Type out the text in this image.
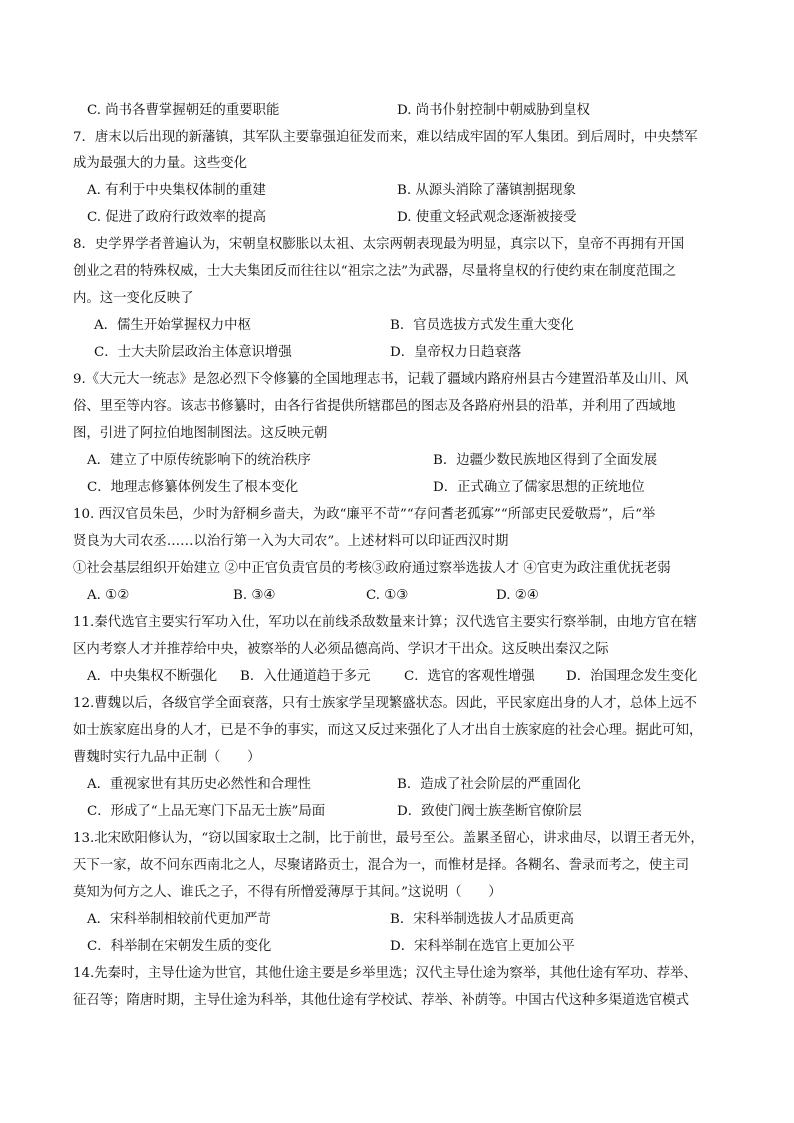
C. 尚书各曹掌握朝廷的重要职能	D. 尚书仆射控制中朝威胁到皇权
7．唐末以后出现的新藩镇，其军队主要靠强迫征发而来，难以结成牢固的军人集团。到后周时，中央禁军
成为最强大的力量。这些变化
A. 有利于中央集权体制的重建	B. 从源头消除了藩镇割据现象
C. 促进了政府行政效率的提高	D. 使重文轻武观念逐渐被接受
8．史学界学者普遍认为，宋朝皇权膨胀以太祖、太宗两朝表现最为明显，真宗以下，皇帝不再拥有开国
创业之君的特殊权威，士大夫集团反而往往以“祖宗之法”为武器，尽量将皇权的行使约束在制度范围之
内。这一变化反映了
A．儒生开始掌握权力中枢	B．官员选拔方式发生重大变化
C．士大夫阶层政治主体意识增强	D．皇帝权力日趋衰落
9.《大元大一统志》是忽必烈下令修纂的全国地理志书，记载了疆域内路府州县古今建置沿革及山川、风
俗、里至等内容。该志书修纂时，由各行省提供所辖郡邑的图志及各路府州县的沿革，并利用了西域地
图，引进了阿拉伯地图制图法。这反映元朝
A．建立了中原传统影响下的统治秩序	B．边疆少数民族地区得到了全面发展
C．地理志修纂体例发生了根本变化	D．正式确立了儒家思想的正统地位
10. 西汉官员朱邑，少时为舒桐乡啬夫，为政“廉平不苛”“存问耆老孤寡”“所部吏民爱敬焉”，后“举
贤良为大司农丞……以治行第一入为大司农”。上述材料可以印证西汉时期
①社会基层组织开始建立 ②中正官负责官员的考核③政府通过察举选拔人才 ④官吏为政注重优抚老弱
A. ①②	B. ③④	C. ①③	D. ②④
11.秦代选官主要实行军功入仕，军功以在前线杀敌数量来计算；汉代选官主要实行察举制，由地方官在辖
区内考察人才并推荐给中央，被察举的人必须品德高尚、学识才干出众。这反映出秦汉之际
A．中央集权不断强化 B．入仕通道趋于多元	C．选官的客观性增强 D．治国理念发生变化
12.曹魏以后，各级官学全面衰落，只有士族家学呈现繁盛状态。因此，平民家庭出身的人才，总体上远不
如士族家庭出身的人才，已是不争的事实，而这又反过来强化了人才出自士族家庭的社会心理。据此可知，
曹魏时实行九品中正制（　　）
A．重视家世有其历史必然性和合理性	B．造成了社会阶层的严重固化
C．形成了“上品无寒门下品无士族”局面	D．致使门阀士族垄断官僚阶层
13.北宋欧阳修认为，“窃以国家取士之制，比于前世，最号至公。盖累圣留心，讲求曲尽，以谓王者无外，
天下一家，故不问东西南北之人，尽聚诸路贡士，混合为一，而惟材是择。各糊名、誊录而考之，使主司
莫知为何方之人、谁氏之子，不得有所憎爱薄厚于其间。”这说明（　　）
A．宋科举制相较前代更加严苛	B．宋科举制选拔人才品质更高
C．科举制在宋朝发生质的变化	D．宋科举制在选官上更加公平
14.先秦时，主导仕途为世官，其他仕途主要是乡举里选；汉代主导仕途为察举，其他仕途有军功、荐举、
征召等；隋唐时期，主导仕途为科举，其他仕途有学校试、荐举、补荫等。中国古代这种多渠道选官模式
